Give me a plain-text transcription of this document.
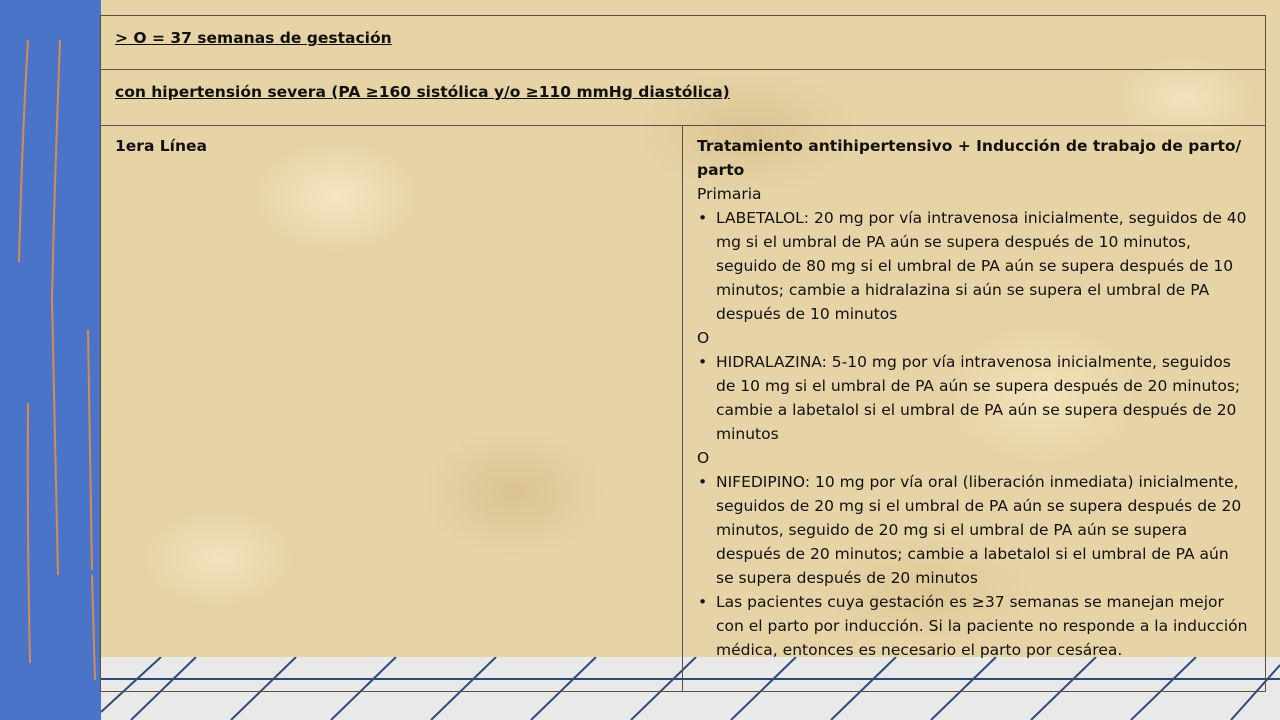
> O = 37 semanas de gestación
con hipertensión severa (PA ≥160 sistólica y/o ≥110 mmHg diastólica)
1era Línea	Tratamiento antihipertensivo + Inducción de trabajo de parto/ parto

Primaria

• LABETALOL: 20 mg por vía intravenosa inicialmente, seguidos de 40 mg si el umbral de PA aún se supera después de 10 minutos, seguido de 80 mg si el umbral de PA aún se supera después de 10 minutos; cambie a hidralazina si aún se supera el umbral de PA después de 10 minutos

O

• HIDRALAZINA: 5-10 mg por vía intravenosa inicialmente, seguidos de 10 mg si el umbral de PA aún se supera después de 20 minutos; cambie a labetalol si el umbral de PA aún se supera después de 20 minutos

O

• NIFEDIPINO: 10 mg por vía oral (liberación inmediata) inicialmente, seguidos de 20 mg si el umbral de PA aún se supera después de 20 minutos, seguido de 20 mg si el umbral de PA aún se supera después de 20 minutos; cambie a labetalol si el umbral de PA aún se supera después de 20 minutos
• Las pacientes cuya gestación es ≥37 semanas se manejan mejor con el parto por inducción. Si la paciente no responde a la inducción médica, entonces es necesario el parto por cesárea.
